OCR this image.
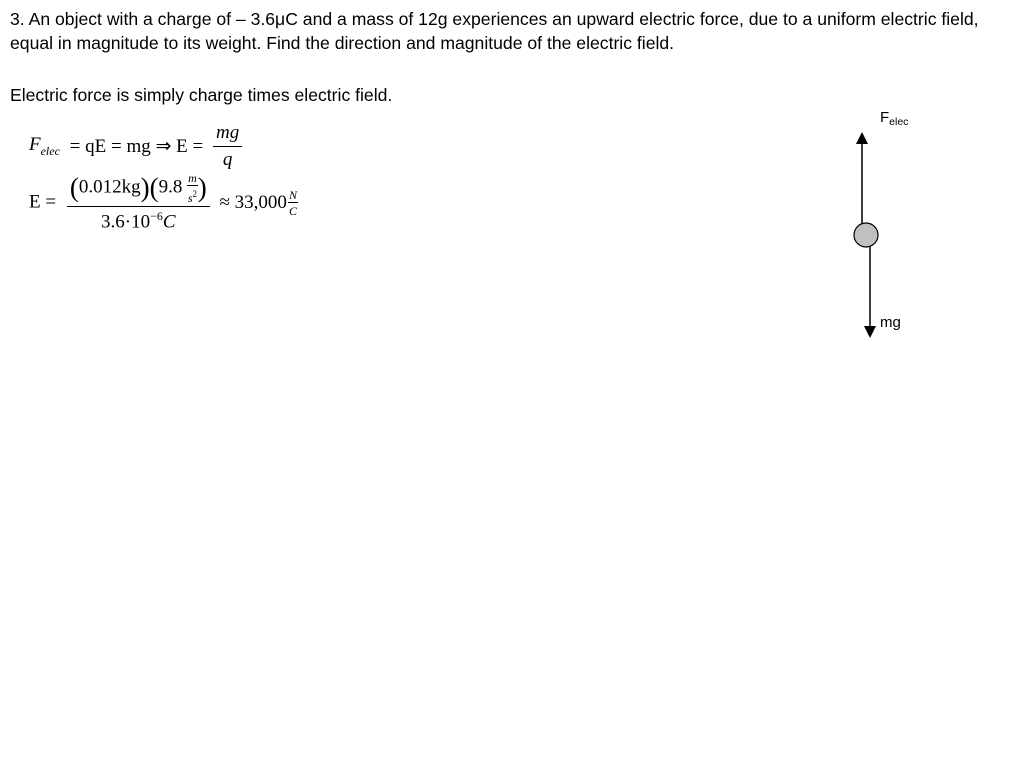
3. An object with a charge of – 3.6μC and a mass of 12g experiences an upward electric force, due to a uniform electric field, equal in magnitude to its weight. Find the direction and magnitude of the electric field.
Electric force is simply charge times electric field.
$F_{elec}$ = qE = mg ⇒ $E = \frac{mg}{q}$
$E = \frac{(0.012kg)(9.8 \frac{m}{s^2} )}{3.6\cdot 10^{-6}C} \approx 33,000 \frac{N}{C}$
$F_{elec}$
mg
